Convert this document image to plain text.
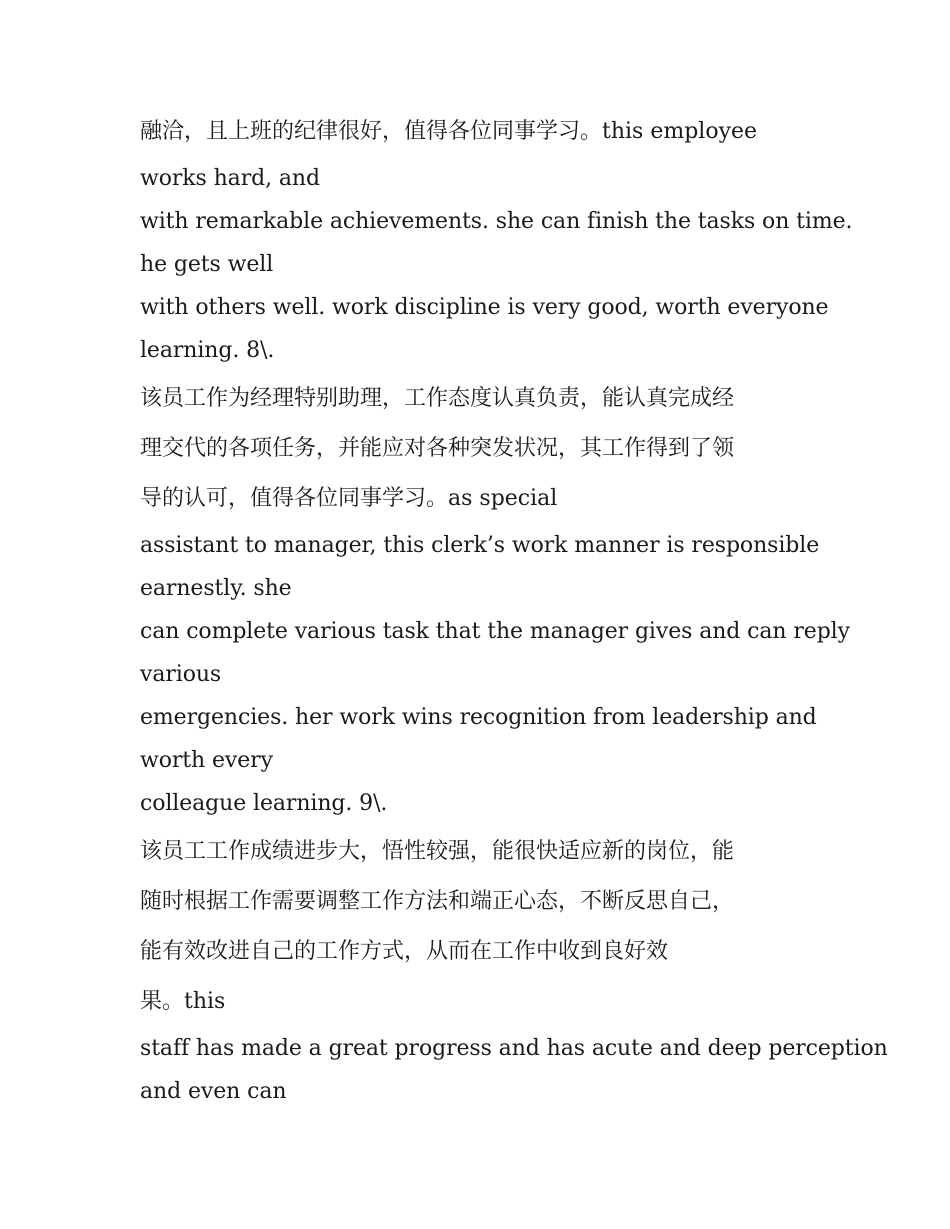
融洽，且上班的纪律很好，值得各位同事学习。this employee

works hard, and

with remarkable achievements. she can finish the tasks on time.

he gets well

with others well. work discipline is very good, worth everyone

learning. 8\.

该员工作为经理特别助理，工作态度认真负责，能认真完成经

理交代的各项任务，并能应对各种突发状况，其工作得到了领

导的认可，值得各位同事学习。as special

assistant to manager, this clerk’s work manner is responsible

earnestly. she

can complete various task that the manager gives and can reply

various

emergencies. her work wins recognition from leadership and

worth every

colleague learning. 9\.

该员工工作成绩进步大，悟性较强，能很快适应新的岗位，能

随时根据工作需要调整工作方法和端正心态，不断反思自己，

能有效改进自己的工作方式，从而在工作中收到良好效

果。this

staff has made a great progress and has acute and deep perception

and even can
